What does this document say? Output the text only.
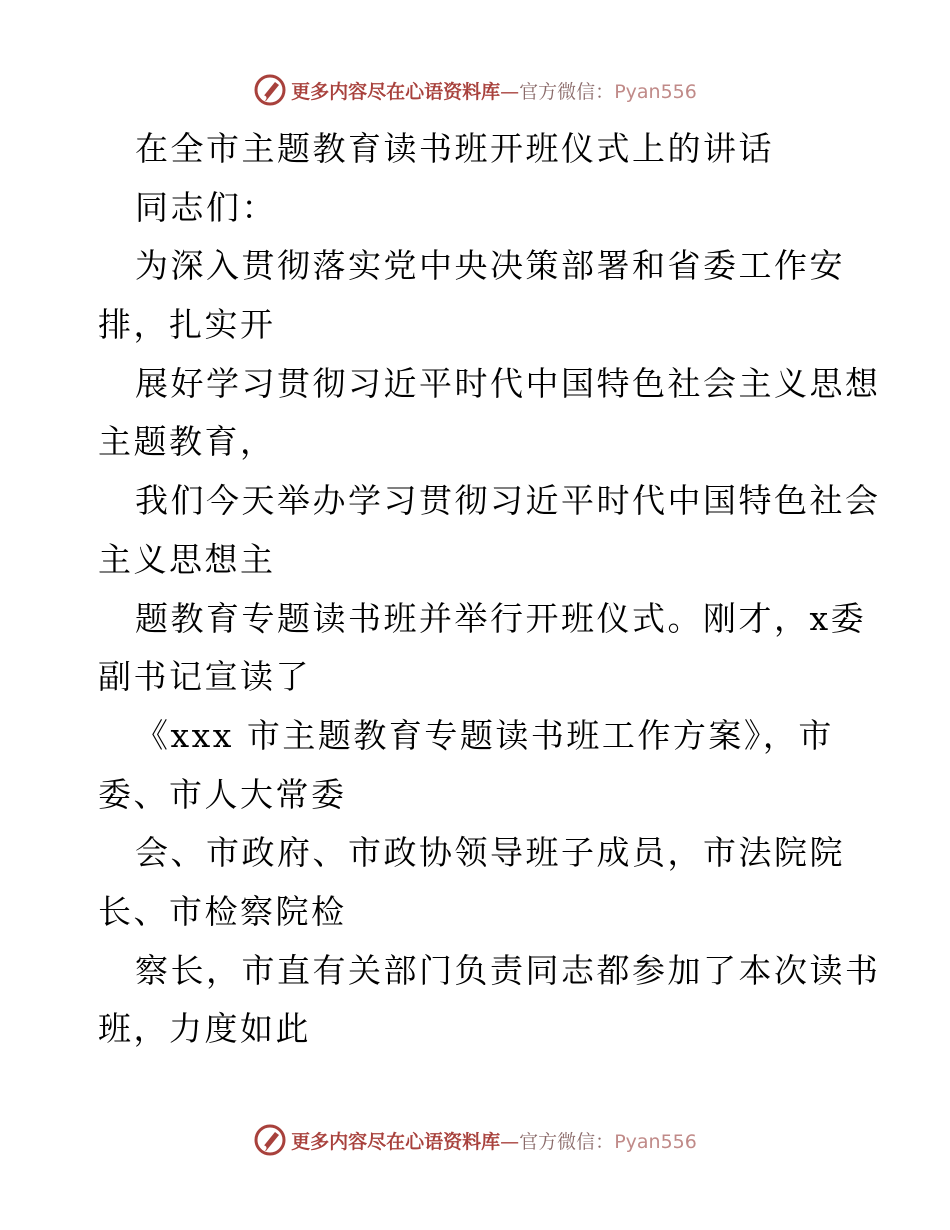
更多内容尽在心语资料库—官方微信：Pyan556
在全市主题教育读书班开班仪式上的讲话
同志们：
为深入贯彻落实党中央决策部署和省委工作安
排，扎实开
展好学习贯彻习近平时代中国特色社会主义思想
主题教育，
我们今天举办学习贯彻习近平时代中国特色社会
主义思想主
题教育专题读书班并举行开班仪式。刚才，x委
副书记宣读了
《xxx 市主题教育专题读书班工作方案》，市
委、市人大常委
会、市政府、市政协领导班子成员，市法院院
长、市检察院检
察长，市直有关部门负责同志都参加了本次读书
班，力度如此
更多内容尽在心语资料库—官方微信：Pyan556
